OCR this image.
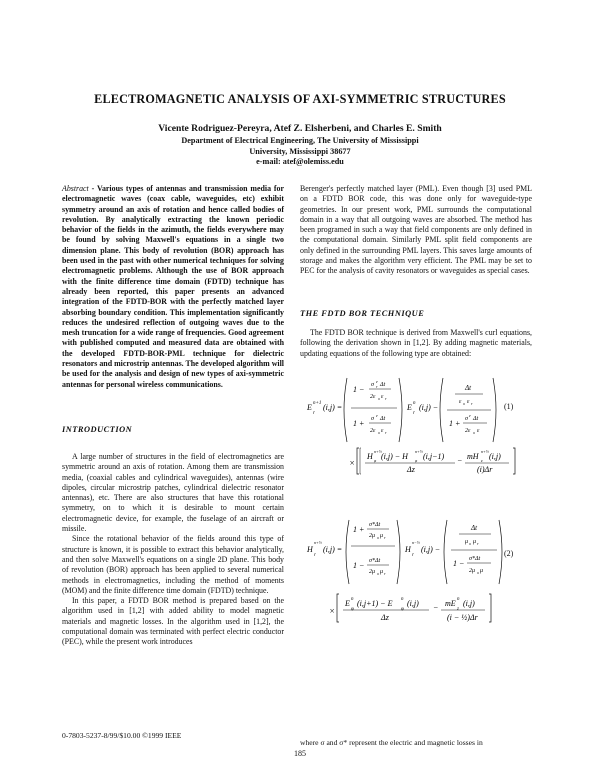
ELECTROMAGNETIC ANALYSIS OF AXI-SYMMETRIC STRUCTURES
Vicente Rodriguez-Pereyra, Atef Z. Elsherbeni, and Charles E. Smith
Department of Electrical Engineering, The University of Mississippi
University, Mississippi 38677
e-mail: atef@olemiss.edu

Abstract - Various types of antennas and transmission media for electromagnetic waves (coax cable, waveguides, etc) exhibit symmetry around an axis of rotation and hence called bodies of revolution. By analytically extracting the known periodic behavior of the fields in the azimuth, the fields everywhere may be found by solving Maxwell's equations in a single two dimension plane. This body of revolution (BOR) approach has been used in the past with other numerical techniques for solving electromagnetic problems. Although the use of BOR approach with the finite difference time domain (FDTD) technique has already been reported, this paper presents an advanced integration of the FDTD-BOR with the perfectly matched layer absorbing boundary condition. This implementation significantly reduces the undesired reflection of outgoing waves due to the mesh truncation for a wide range of frequencies. Good agreement with published computed and measured data are obtained with the developed FDTD-BOR-PML technique for dielectric resonators and microstrip antennas. The developed algorithm will be used for the analysis and design of new types of axi-symmetric antennas for personal wireless communications.

INTRODUCTION

A large number of structures in the field of electromagnetics are symmetric around an axis of rotation. Among them are transmission media, (coaxial cables and cylindrical waveguides), antennas (wire dipoles, circular microstrip patches, cylindrical dielectric resonator antennas), etc. There are also structures that have this rotational symmetry, on to which it is desirable to mount certain electromagnetic device, for example, the fuselage of an aircraft or missile.

Since the rotational behavior of the fields around this type of structure is known, it is possible to extract this behavior analytically, and then solve Maxwell's equations on a single 2D plane. This body of revolution (BOR) approach has been applied to several numerical methods in electromagnetics, including the method of moments (MOM) and the finite difference time domain (FDTD) technique.

In this paper, a FDTD BOR method is prepared based on the algorithm used in [1,2] with added ability to model magnetic materials and magnetic losses. In the algorithm used in [1,2], the computational domain was terminated with perfect electric conductor (PEC), while the present work introduces

0-7803-5237-8/99/$10.00 ©1999 IEEE
185

Berenger's perfectly matched layer (PML). Even though [3] used PML on a FDTD BOR code, this was done only for waveguide-type geometries. In our present work, PML surrounds the computational domain in a way that all outgoing waves are absorbed. The method has been programed in such a way that field components are only defined in the computational domain. Similarly PML split field components are only defined in the surrounding PML layers. This saves large amounts of storage and makes the algorithm very efficient. The PML may be set to PEC for the analysis of cavity resonators or waveguides as special cases.

THE FDTD BOR TECHNIQUE

The FDTD BOR technique is derived from Maxwell's curl equations, following the derivation shown in [1,2]. By adding magnetic materials, updating equations of the following type are obtained:

E n+1
r
(i,j) =
1 − σ
e
r Δt
2ε o ε r
1 + σ
e
Δt
2ε o ε r
E n
r
(i,j) −
Δt
ε o ε r
1 + σ
e
Δt
2ε o ε
×
H
n+½
φ (i,j) − H
n+½
φ (i,j−1)
Δz
− mH
n+½
z (i,j)
(i)Δr
(1)
H
n+½
r
(i,j) =
1 + σ*Δt
2μ o μ r
1 − σ*Δt
2μ o μ r
H
n−½
r
(i,j) −
Δt
μ o μ r
1 − σ*Δt
2μ o μ
×
E n
φ
(i,j+1) − E n
φ
(i,j)
Δz
− mE n
z
(i,j)
(i − ½)Δr
(2)
where σ and σ* represent the electric and magnetic losses in
